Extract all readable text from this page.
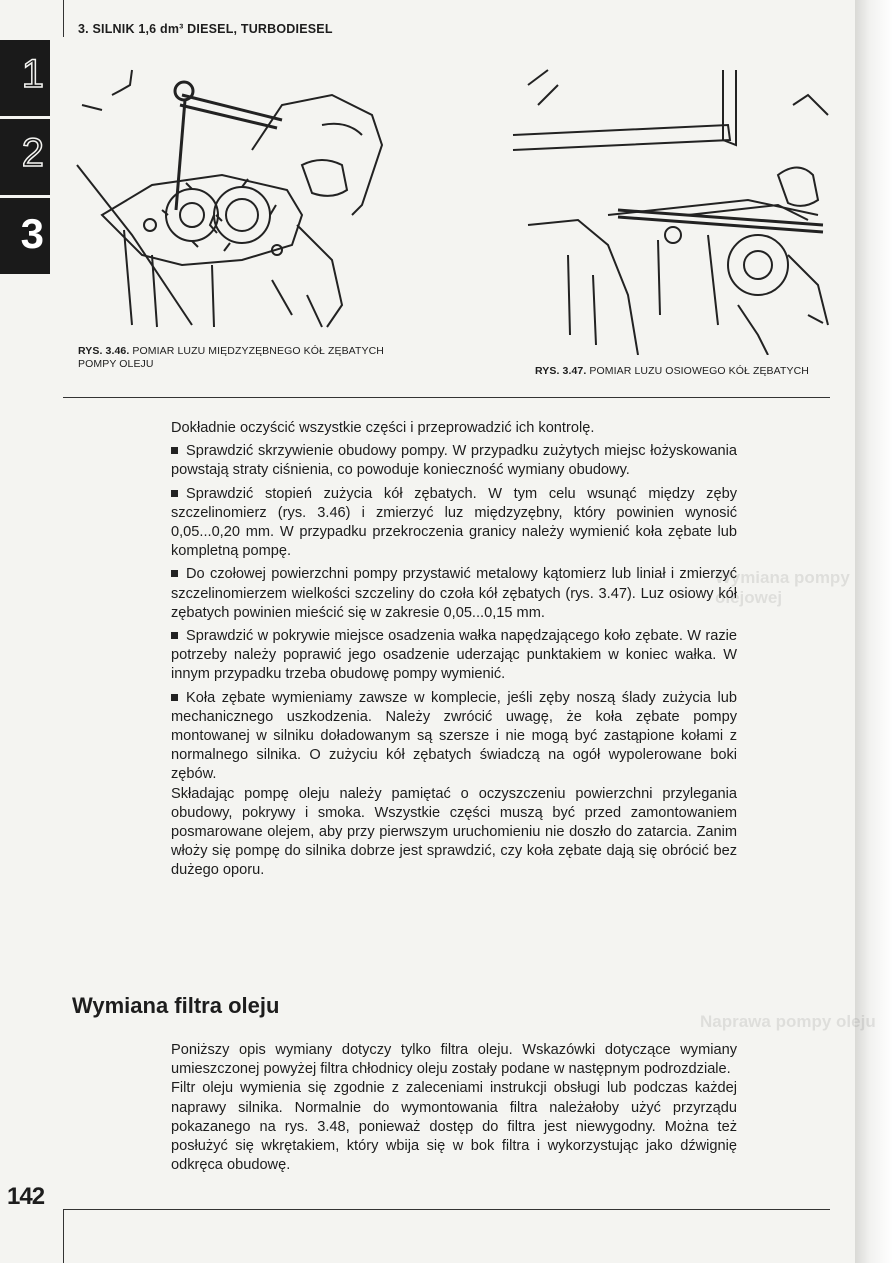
Wymiana pompy olejowej
Naprawa pompy oleju
3. SILNIK 1,6 dm³ DIESEL, TURBODIESEL
1
2
3
RYS. 3.46. POMIAR LUZU MIĘDZYZĘBNEGO KÓŁ ZĘBATYCH POMPY OLEJU
RYS. 3.47. POMIAR LUZU OSIOWEGO KÓŁ ZĘBATYCH

Dokładnie oczyścić wszystkie części i przeprowadzić ich kontrolę.

Sprawdzić skrzywienie obudowy pompy. W przypadku zużytych miejsc łożyskowania powstają straty ciśnienia, co powoduje konieczność wymiany obudowy.

Sprawdzić stopień zużycia kół zębatych. W tym celu wsunąć między zęby szczelinomierz (rys. 3.46) i zmierzyć luz międzyzębny, który powinien wynosić 0,05...0,20 mm. W przypadku przekroczenia granicy należy wymienić koła zębate lub kompletną pompę.

Do czołowej powierzchni pompy przystawić metalowy kątomierz lub liniał i zmierzyć szczelinomierzem wielkości szczeliny do czoła kół zębatych (rys. 3.47). Luz osiowy kół zębatych powinien mieścić się w zakresie 0,05...0,15 mm.

Sprawdzić w pokrywie miejsce osadzenia wałka napędzającego koło zębate. W razie potrzeby należy poprawić jego osadzenie uderzając punktakiem w koniec wałka. W innym przypadku trzeba obudowę pompy wymienić.

Koła zębate wymieniamy zawsze w komplecie, jeśli zęby noszą ślady zużycia lub mechanicznego uszkodzenia. Należy zwrócić uwagę, że koła zębate pompy montowanej w silniku doładowanym są szersze i nie mogą być zastąpione kołami z normalnego silnika. O zużyciu kół zębatych świadczą na ogół wypolerowane boki zębów.

Składając pompę oleju należy pamiętać o oczyszczeniu powierzchni przylegania obudowy, pokrywy i smoka. Wszystkie części muszą być przed zamontowaniem posmarowane olejem, aby przy pierwszym uruchomieniu nie doszło do zatarcia. Zanim włoży się pompę do silnika dobrze jest sprawdzić, czy koła zębate dają się obrócić bez dużego oporu.

Wymiana filtra oleju

Poniższy opis wymiany dotyczy tylko filtra oleju. Wskazówki dotyczące wymiany umieszczonej powyżej filtra chłodnicy oleju zostały podane w następnym podrozdziale.

Filtr oleju wymienia się zgodnie z zaleceniami instrukcji obsługi lub podczas każdej naprawy silnika. Normalnie do wymontowania filtra należałoby użyć przyrządu pokazanego na rys. 3.48, ponieważ dostęp do filtra jest niewygodny. Można też posłużyć się wkrętakiem, który wbija się w bok filtra i wykorzystując jako dźwignię odkręca obudowę.

142
